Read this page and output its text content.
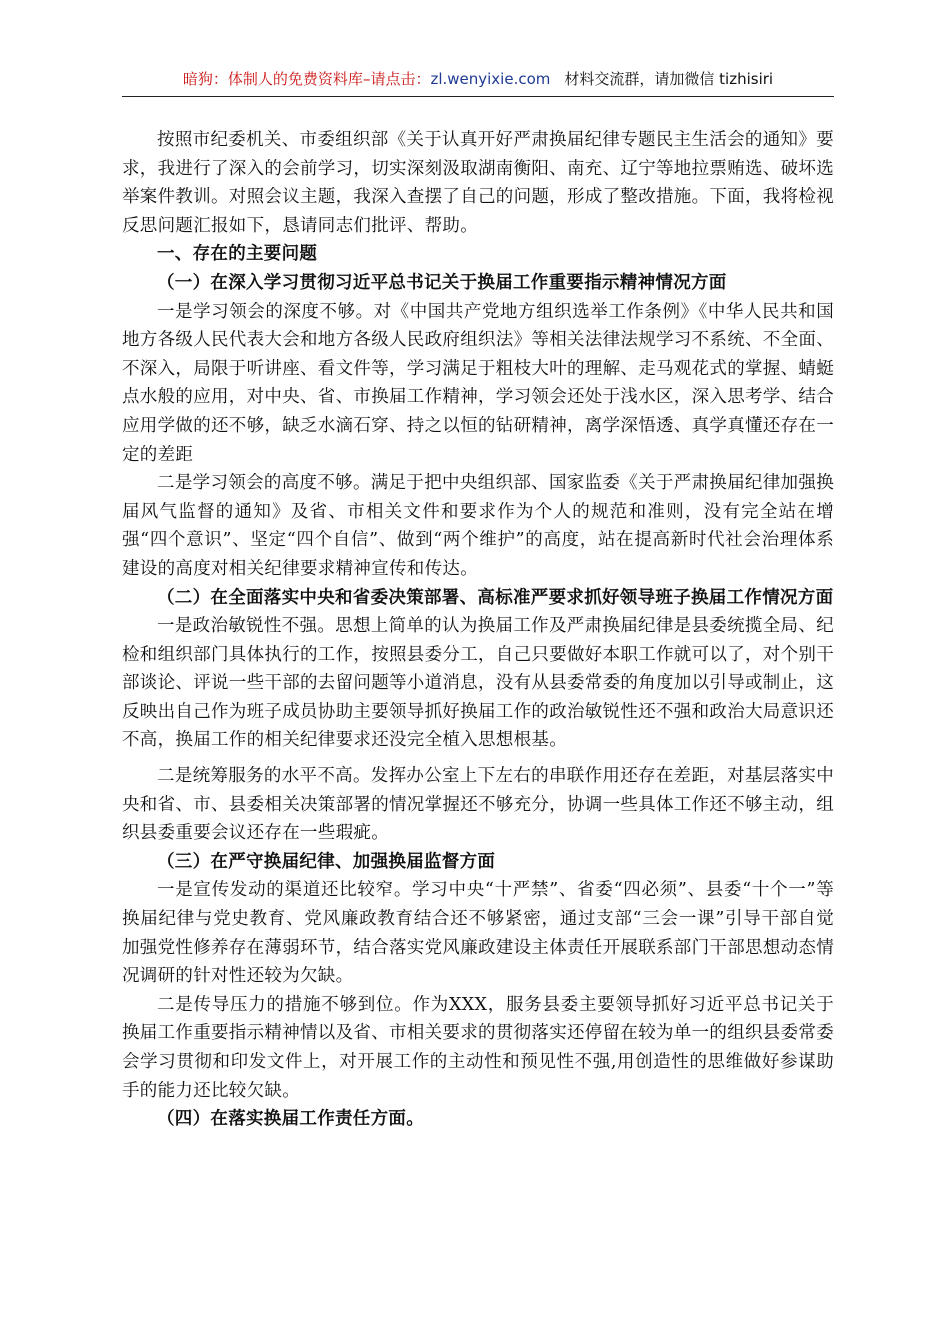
暗狗：体制人的免费资料库–请点击：zl.wenyixie.com 材料交流群，请加微信 tizhisiri

按照市纪委机关、市委组织部《关于认真开好严肃换届纪律专题民主生活会的通知》要求，我进行了深入的会前学习，切实深刻汲取湖南衡阳、南充、辽宁等地拉票贿选、破坏选举案件教训。对照会议主题，我深入查摆了自己的问题，形成了整改措施。下面，我将检视反思问题汇报如下，恳请同志们批评、帮助。

一、存在的主要问题

（一）在深入学习贯彻习近平总书记关于换届工作重要指示精神情况方面

一是学习领会的深度不够。对《中国共产党地方组织选举工作条例》《中华人民共和国地方各级人民代表大会和地方各级人民政府组织法》等相关法律法规学习不系统、不全面、不深入，局限于听讲座、看文件等，学习满足于粗枝大叶的理解、走马观花式的掌握、蜻蜓点水般的应用，对中央、省、市换届工作精神，学习领会还处于浅水区，深入思考学、结合应用学做的还不够，缺乏水滴石穿、持之以恒的钻研精神，离学深悟透、真学真懂还存在一定的差距

二是学习领会的高度不够。满足于把中央组织部、国家监委《关于严肃换届纪律加强换届风气监督的通知》及省、市相关文件和要求作为个人的规范和准则，没有完全站在增强“四个意识”、坚定“四个自信”、做到“两个维护”的高度，站在提高新时代社会治理体系建设的高度对相关纪律要求精神宣传和传达。

（二）在全面落实中央和省委决策部署、高标准严要求抓好领导班子换届工作情况方面

一是政治敏锐性不强。思想上简单的认为换届工作及严肃换届纪律是县委统揽全局、纪检和组织部门具体执行的工作，按照县委分工，自己只要做好本职工作就可以了，对个别干部谈论、评说一些干部的去留问题等小道消息，没有从县委常委的角度加以引导或制止，这反映出自己作为班子成员协助主要领导抓好换届工作的政治敏锐性还不强和政治大局意识还不高，换届工作的相关纪律要求还没完全植入思想根基。

二是统筹服务的水平不高。发挥办公室上下左右的串联作用还存在差距，对基层落实中央和省、市、县委相关决策部署的情况掌握还不够充分，协调一些具体工作还不够主动，组织县委重要会议还存在一些瑕疵。

（三）在严守换届纪律、加强换届监督方面

一是宣传发动的渠道还比较窄。学习中央“十严禁”、省委“四必须”、县委“十个一”等换届纪律与党史教育、党风廉政教育结合还不够紧密，通过支部“三会一课”引导干部自觉加强党性修养存在薄弱环节，结合落实党风廉政建设主体责任开展联系部门干部思想动态情况调研的针对性还较为欠缺。

二是传导压力的措施不够到位。作为XXX，服务县委主要领导抓好习近平总书记关于换届工作重要指示精神情以及省、市相关要求的贯彻落实还停留在较为单一的组织县委常委会学习贯彻和印发文件上，对开展工作的主动性和预见性不强,用创造性的思维做好参谋助手的能力还比较欠缺。

（四）在落实换届工作责任方面。
